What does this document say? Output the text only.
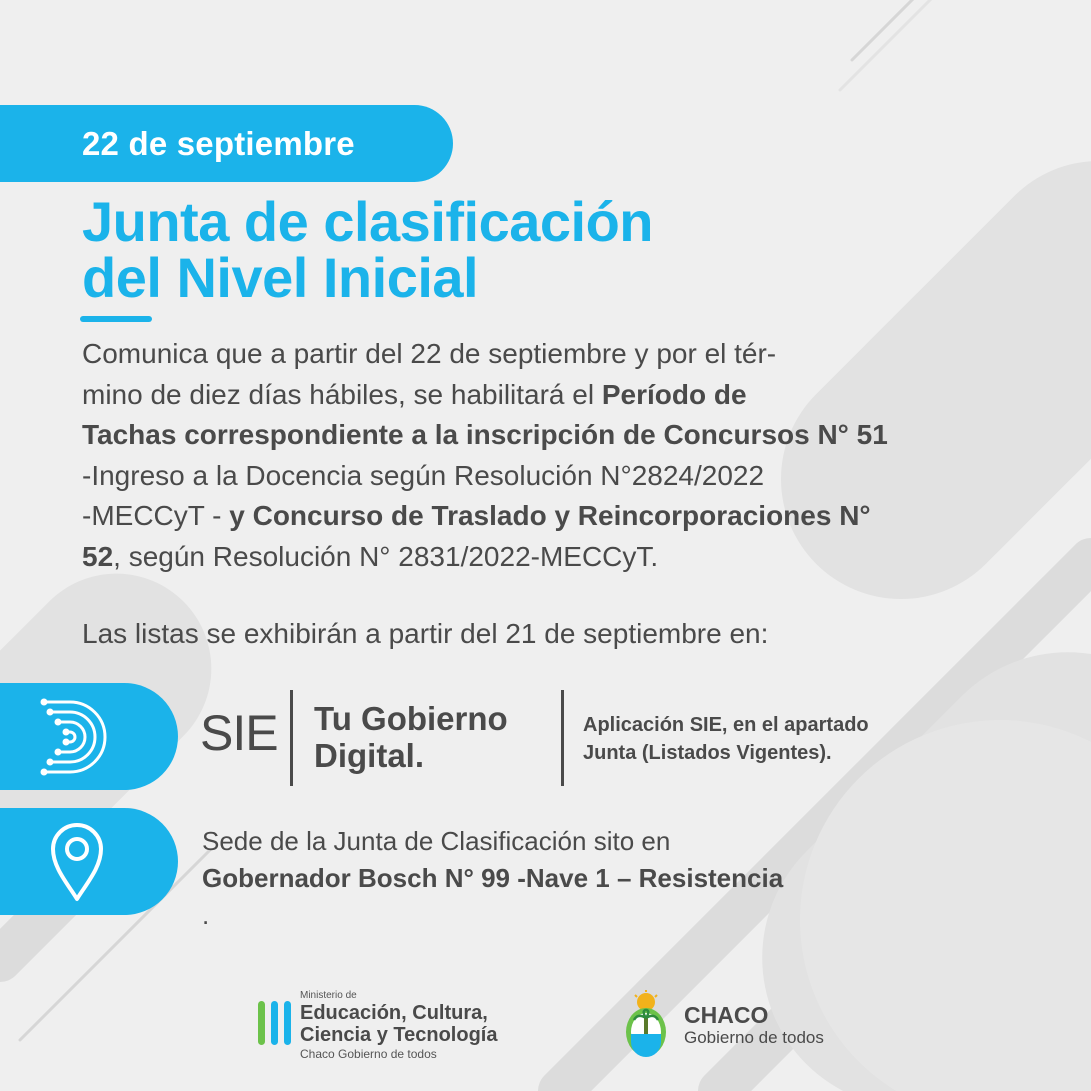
22 de septiembre
Junta de clasificación
del Nivel Inicial

Comunica que a partir del 22 de septiembre y por el tér-
mino de diez días hábiles, se habilitará el Período de
Tachas correspondiente a la inscripción de Concursos N° 51
-Ingreso a la Docencia según Resolución N°2824/2022
-MECCyT - y Concurso de Traslado y Reincorporaciones N°
52, según Resolución N° 2831/2022-MECCyT.

Las listas se exhibirán a partir del 21 de septiembre en:

SIE Tu Gobierno
Digital.
Aplicación SIE, en el apartado
Junta (Listados Vigentes).
Sede de la Junta de Clasificación sito en
Gobernador Bosch N° 99 -Nave 1 – Resistencia
.
Ministerio de
Educación, Cultura,
Ciencia y Tecnología
Chaco Gobierno de todos
CHACO
Gobierno de todos
